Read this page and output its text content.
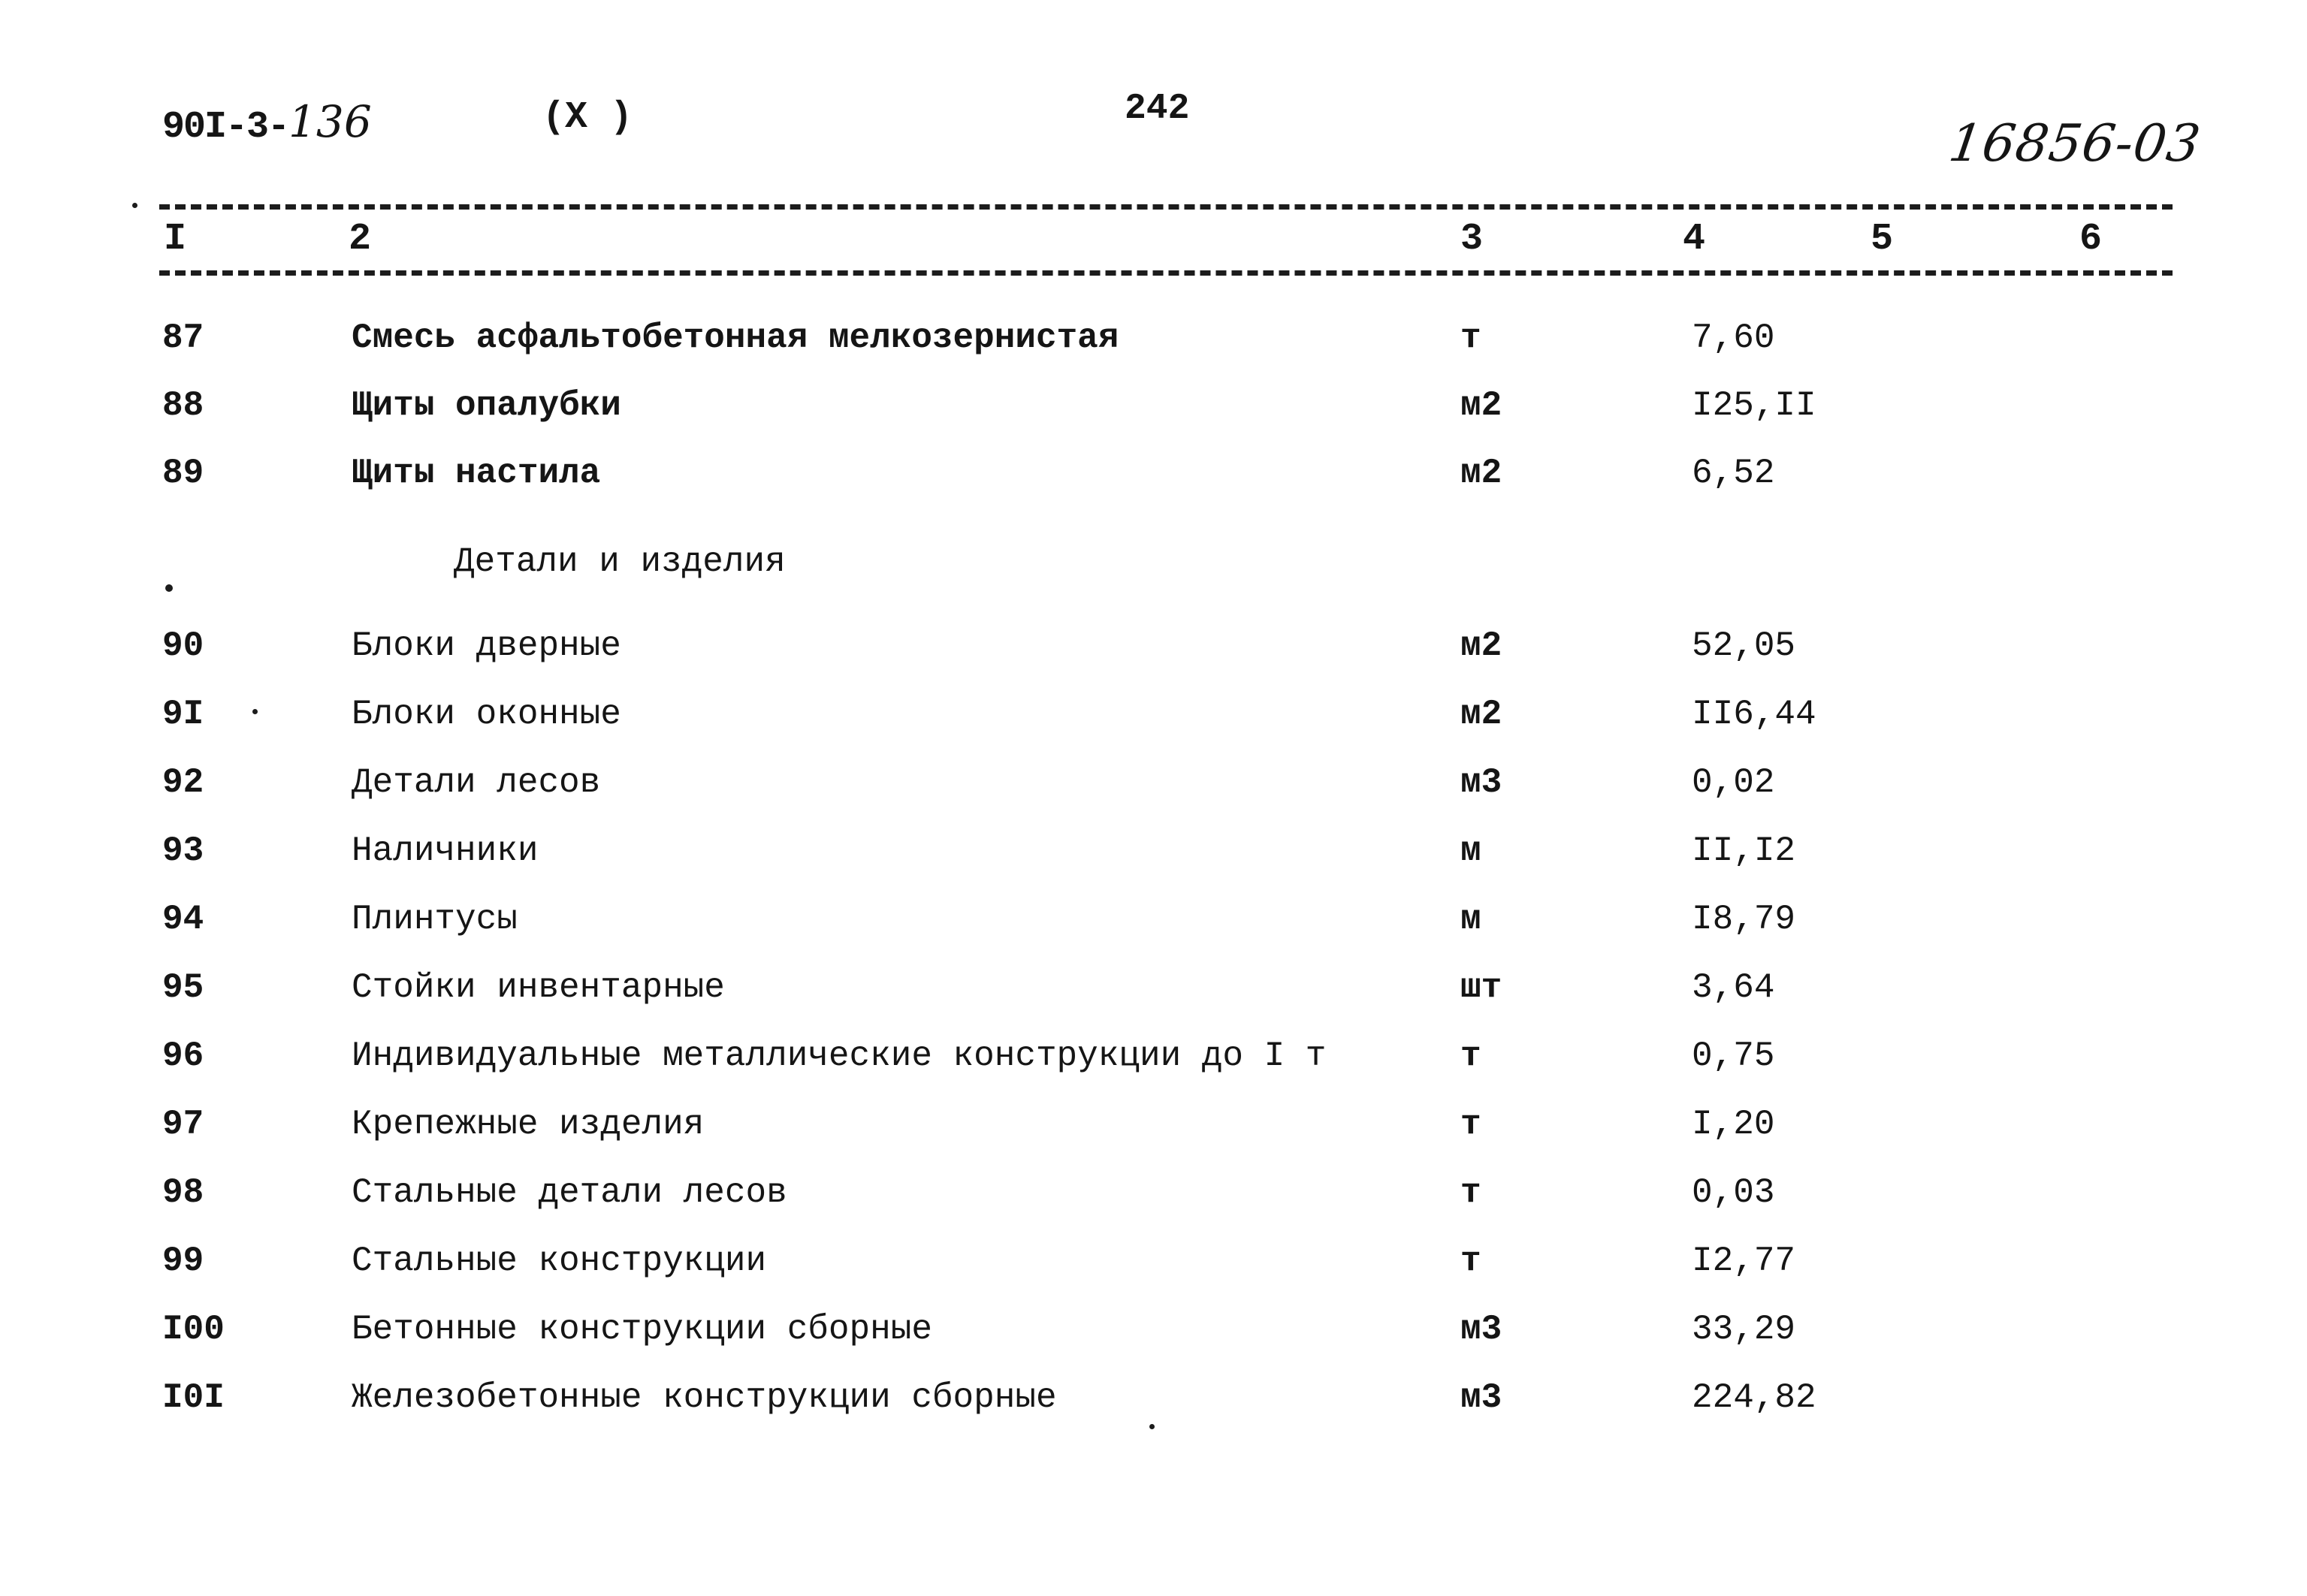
90I-3-136	(X )	242
16856-03
I	2	3	4	5	6
87	Смесь асфальтобетонная мелкозернистая	т	7,60
88	Щиты опалубки	м2	I25,II
89	Щиты настила	м2	6,52
Детали и изделия
90	Блоки дверные	м2	52,05
9I	Блоки оконные	м2	II6,44
92	Детали лесов	м3	0,02
93	Наличники	м	II,I2
94	Плинтусы	м	I8,79
95	Стойки инвентарные	шт	3,64
96	Индивидуальные металлические конструкции до I т	т	0,75
97	Крепежные изделия	т	I,20
98	Стальные детали лесов	т	0,03
99	Стальные конструкции	т	I2,77
I00	Бетонные конструкции сборные	м3	33,29
I0I	Железобетонные конструкции сборные	м3	224,82
